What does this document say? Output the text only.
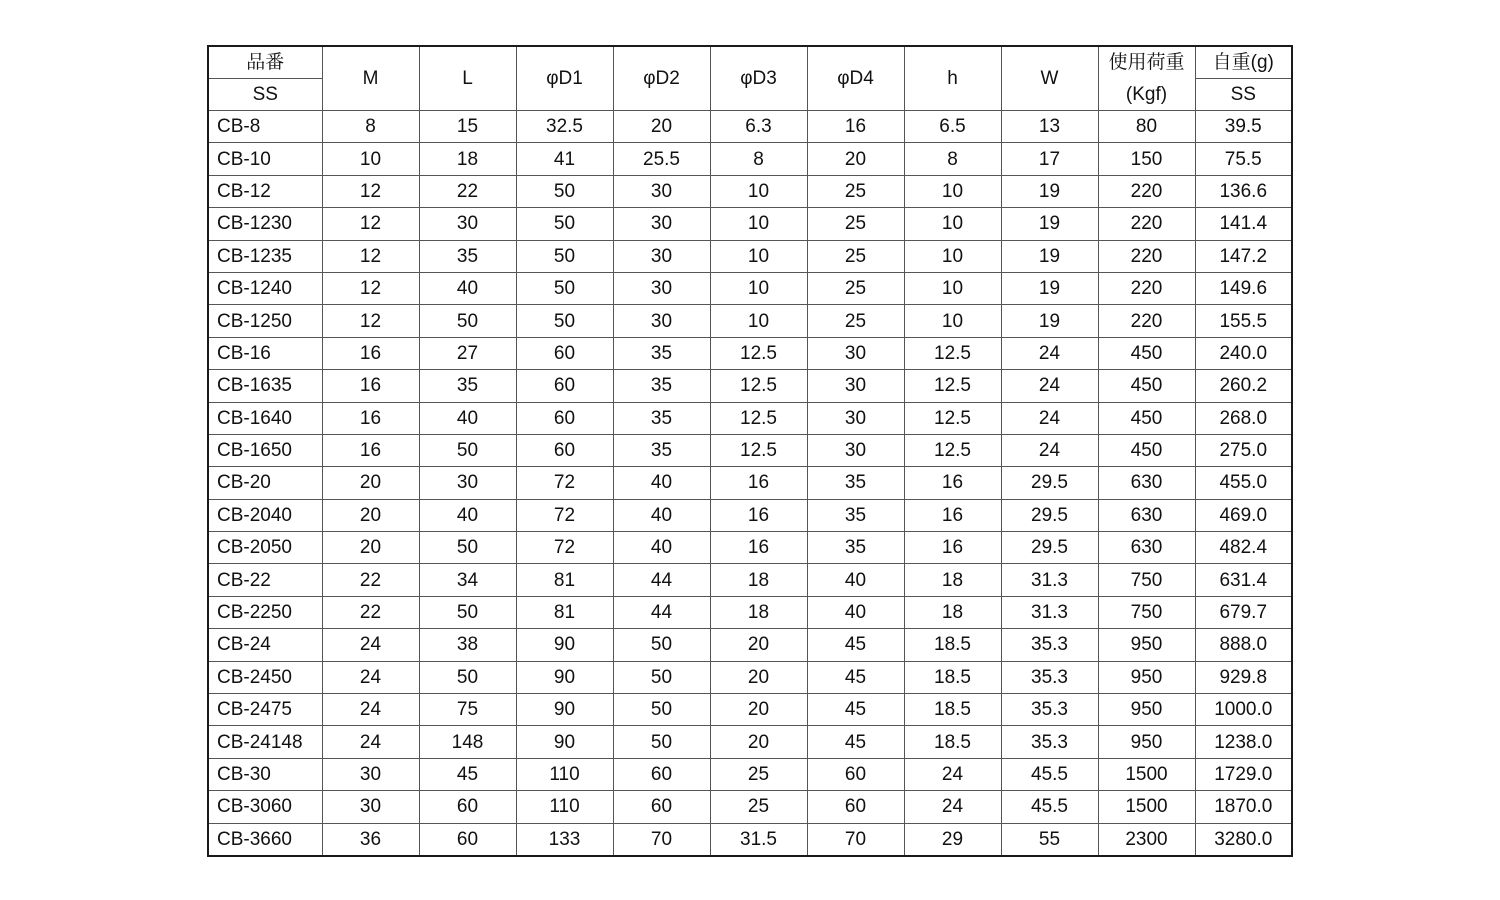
品番	M	L	φD1	φD2	φD3	φD4	h	W	使用荷重	自重(g)
SS									(Kgf)	SS
CB-8	8	15	32.5	20	6.3	16	6.5	13	80	39.5
CB-10	10	18	41	25.5	8	20	8	17	150	75.5
CB-12	12	22	50	30	10	25	10	19	220	136.6
CB-1230	12	30	50	30	10	25	10	19	220	141.4
CB-1235	12	35	50	30	10	25	10	19	220	147.2
CB-1240	12	40	50	30	10	25	10	19	220	149.6
CB-1250	12	50	50	30	10	25	10	19	220	155.5
CB-16	16	27	60	35	12.5	30	12.5	24	450	240.0
CB-1635	16	35	60	35	12.5	30	12.5	24	450	260.2
CB-1640	16	40	60	35	12.5	30	12.5	24	450	268.0
CB-1650	16	50	60	35	12.5	30	12.5	24	450	275.0
CB-20	20	30	72	40	16	35	16	29.5	630	455.0
CB-2040	20	40	72	40	16	35	16	29.5	630	469.0
CB-2050	20	50	72	40	16	35	16	29.5	630	482.4
CB-22	22	34	81	44	18	40	18	31.3	750	631.4
CB-2250	22	50	81	44	18	40	18	31.3	750	679.7
CB-24	24	38	90	50	20	45	18.5	35.3	950	888.0
CB-2450	24	50	90	50	20	45	18.5	35.3	950	929.8
CB-2475	24	75	90	50	20	45	18.5	35.3	950	1000.0
CB-24148	24	148	90	50	20	45	18.5	35.3	950	1238.0
CB-30	30	45	110	60	25	60	24	45.5	1500	1729.0
CB-3060	30	60	110	60	25	60	24	45.5	1500	1870.0
CB-3660	36	60	133	70	31.5	70	29	55	2300	3280.0
